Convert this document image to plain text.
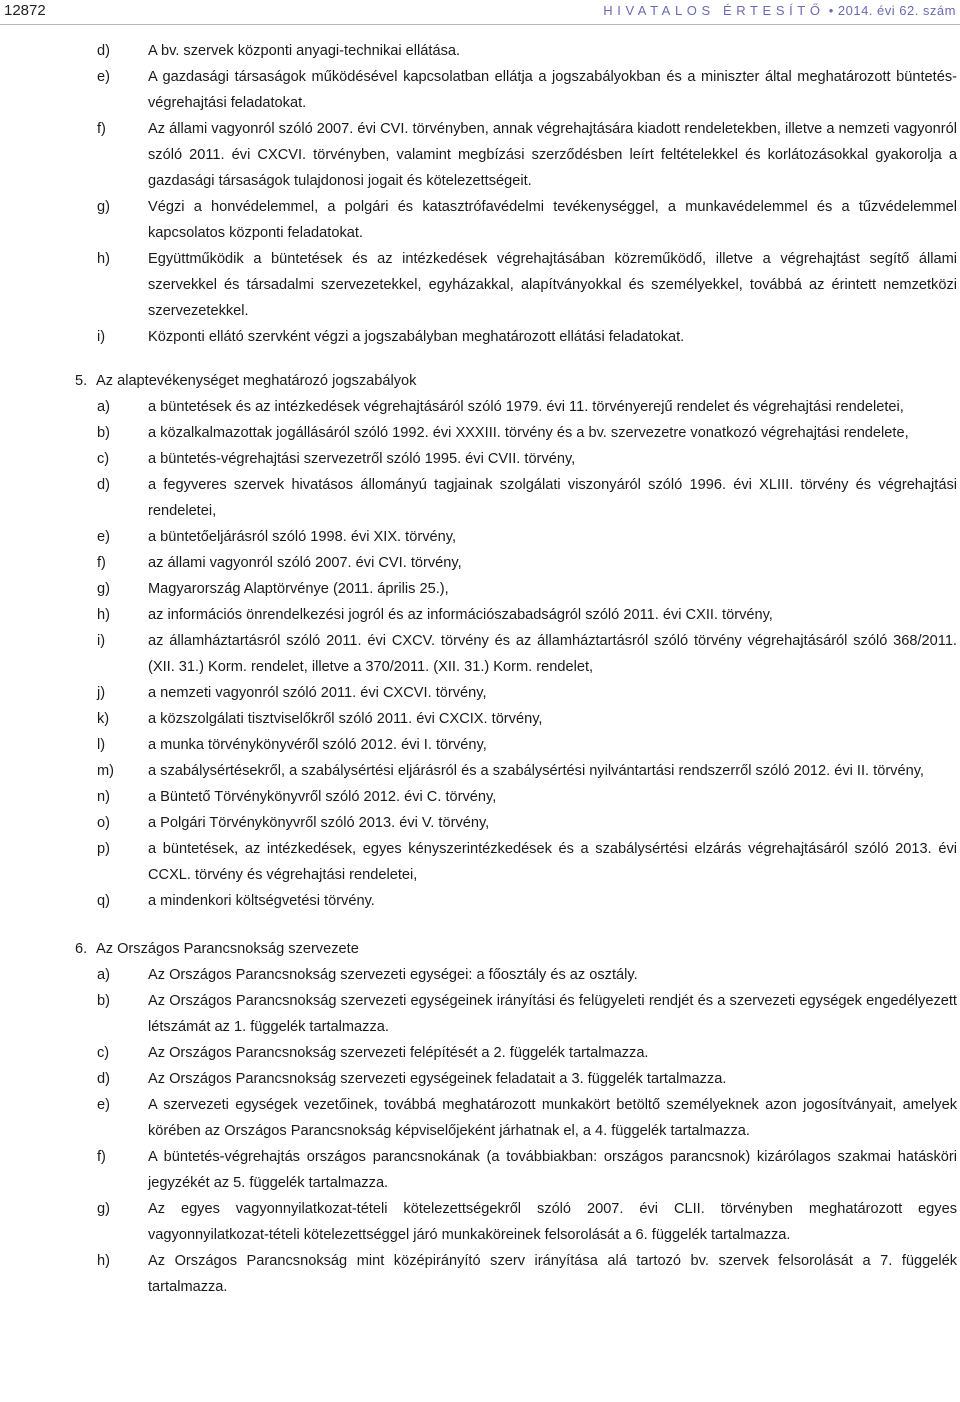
12872	HIVATALOS ÉRTESÍTŐ • 2014. évi 62. szám
d)	A bv. szervek központi anyagi-technikai ellátása.
e)	A gazdasági társaságok működésével kapcsolatban ellátja a jogszabályokban és a miniszter által meghatározott büntetés-végrehajtási feladatokat.
f)	Az állami vagyonról szóló 2007. évi CVI. törvényben, annak végrehajtására kiadott rendeletekben, illetve a nemzeti vagyonról szóló 2011. évi CXCVI. törvényben, valamint megbízási szerződésben leírt feltételekkel és korlátozásokkal gyakorolja a gazdasági társaságok tulajdonosi jogait és kötelezettségeit.
g)	Végzi a honvédelemmel, a polgári és katasztrófavédelmi tevékenységgel, a munkavédelemmel és a tűzvédelemmel kapcsolatos központi feladatokat.
h)	Együttműködik a büntetések és az intézkedések végrehajtásában közreműködő, illetve a végrehajtást segítő állami szervekkel és társadalmi szervezetekkel, egyházakkal, alapítványokkal és személyekkel, továbbá az érintett nemzetközi szervezetekkel.
i)	Központi ellátó szervként végzi a jogszabályban meghatározott ellátási feladatokat.
5. Az alaptevékenységet meghatározó jogszabályok
a)	a büntetések és az intézkedések végrehajtásáról szóló 1979. évi 11. törvényerejű rendelet és végrehajtási rendeletei,
b)	a közalkalmazottak jogállásáról szóló 1992. évi XXXIII. törvény és a bv. szervezetre vonatkozó végrehajtási rendelete,
c)	a büntetés-végrehajtási szervezetről szóló 1995. évi CVII. törvény,
d)	a fegyveres szervek hivatásos állományú tagjainak szolgálati viszonyáról szóló 1996. évi XLIII. törvény és végrehajtási rendeletei,
e)	a büntetőeljárásról szóló 1998. évi XIX. törvény,
f)	az állami vagyonról szóló 2007. évi CVI. törvény,
g)	Magyarország Alaptörvénye (2011. április 25.),
h)	az információs önrendelkezési jogról és az információszabadságról szóló 2011. évi CXII. törvény,
i)	az államháztartásról szóló 2011. évi CXCV. törvény és az államháztartásról szóló törvény végrehajtásáról szóló 368/2011. (XII. 31.) Korm. rendelet, illetve a 370/2011. (XII. 31.) Korm. rendelet,
j)	a nemzeti vagyonról szóló 2011. évi CXCVI. törvény,
k)	a közszolgálati tisztviselőkről szóló 2011. évi CXCIX. törvény,
l)	a munka törvénykönyvéről szóló 2012. évi I. törvény,
m) a szabálysértésekről, a szabálysértési eljárásról és a szabálysértési nyilvántartási rendszerről szóló 2012. évi II. törvény,
n)	a Büntető Törvénykönyvről szóló 2012. évi C. törvény,
o)	a Polgári Törvénykönyvről szóló 2013. évi V. törvény,
p)	a büntetések, az intézkedések, egyes kényszerintézkedések és a szabálysértési elzárás végrehajtásáról szóló 2013. évi CCXL. törvény és végrehajtási rendeletei,
q)	a mindenkori költségvetési törvény.
6. Az Országos Parancsnokság szervezete
a)	Az Országos Parancsnokság szervezeti egységei: a főosztály és az osztály.
b)	Az Országos Parancsnokság szervezeti egységeinek irányítási és felügyeleti rendjét és a szervezeti egységek engedélyezett létszámát az 1. függelék tartalmazza.
c)	Az Országos Parancsnokság szervezeti felépítését a 2. függelék tartalmazza.
d)	Az Országos Parancsnokság szervezeti egységeinek feladatait a 3. függelék tartalmazza.
e)	A szervezeti egységek vezetőinek, továbbá meghatározott munkakört betöltő személyeknek azon jogosítványait, amelyek körében az Országos Parancsnokság képviselőjeként járhatnak el, a 4. függelék tartalmazza.
f)	A büntetés-végrehajtás országos parancsnokának (a továbbiakban: országos parancsnok) kizárólagos szakmai hatásköri jegyzékét az 5. függelék tartalmazza.
g)	Az egyes vagyonnyilatkozat-tételi kötelezettségekről szóló 2007. évi CLII. törvényben meghatározott egyes vagyonnyilatkozat-tételi kötelezettséggel járó munkaköreinek felsorolását a 6. függelék tartalmazza.
h)	Az Országos Parancsnokság mint középirányító szerv irányítása alá tartozó bv. szervek felsorolását a 7. függelék tartalmazza.
